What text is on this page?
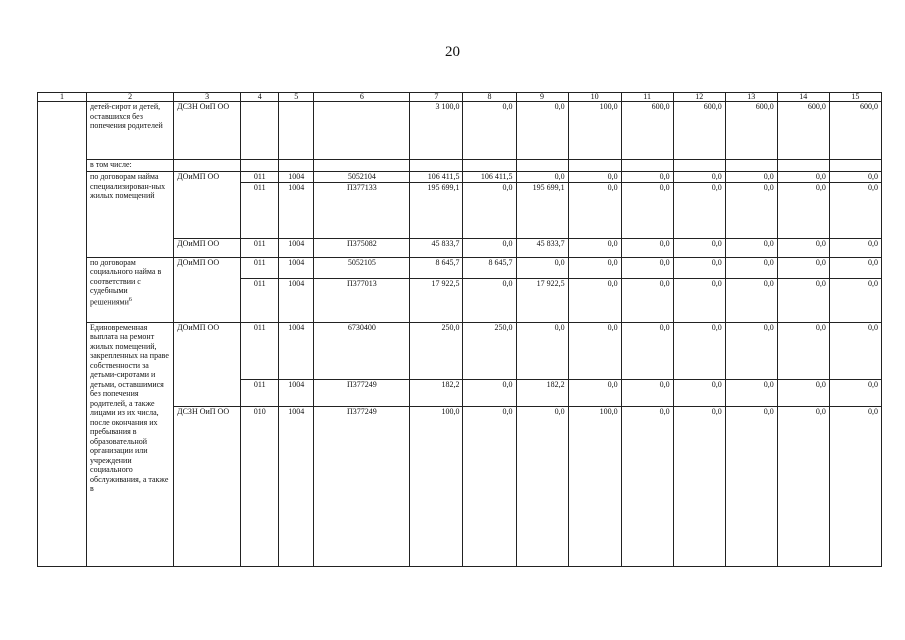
20
1	2	3	4	5	6	7	8	9	10	11	12	13	14	15
	детей-сирот и детей, оставшихся без попечения родителей	ДСЗН ОиП ОО				3 100,0	0,0	0,0	100,0	600,0	600,0	600,0	600,0	600,0
	в том числе:													
	по договорам найма специализирован-ных жилых помещений	ДОиМП ОО	011	1004	5052104	106 411,5	106 411,5	0,0	0,0	0,0	0,0	0,0	0,0	0,0
			011	1004	П377133	195 699,1	0,0	195 699,1	0,0	0,0	0,0	0,0	0,0	0,0
		ДОиМП ОО	011	1004	П375082	45 833,7	0,0	45 833,7	0,0	0,0	0,0	0,0	0,0	0,0
	по договорам социального найма в соответствии с судебными решениями$^6$	ДОиМП ОО	011	1004	5052105	8 645,7	8 645,7	0,0	0,0	0,0	0,0	0,0	0,0	0,0
			011	1004	П377013	17 922,5	0,0	17 922,5	0,0	0,0	0,0	0,0	0,0	0,0
	Единовременная выплата на ремонт жилых помещений, закрепленных на праве собственности за детьми-сиротами и детьми, оставшимися без попечения родителей, а также лицами из их числа, после окончания их пребывания в образовательной организации или учреждении социального обслуживания, а также в	ДОиМП ОО	011	1004	6730400	250,0	250,0	0,0	0,0	0,0	0,0	0,0	0,0	0,0
			011	1004	П377249	182,2	0,0	182,2	0,0	0,0	0,0	0,0	0,0	0,0
		ДСЗН ОиП ОО	010	1004	П377249	100,0	0,0	0,0	100,0	0,0	0,0	0,0	0,0	0,0
